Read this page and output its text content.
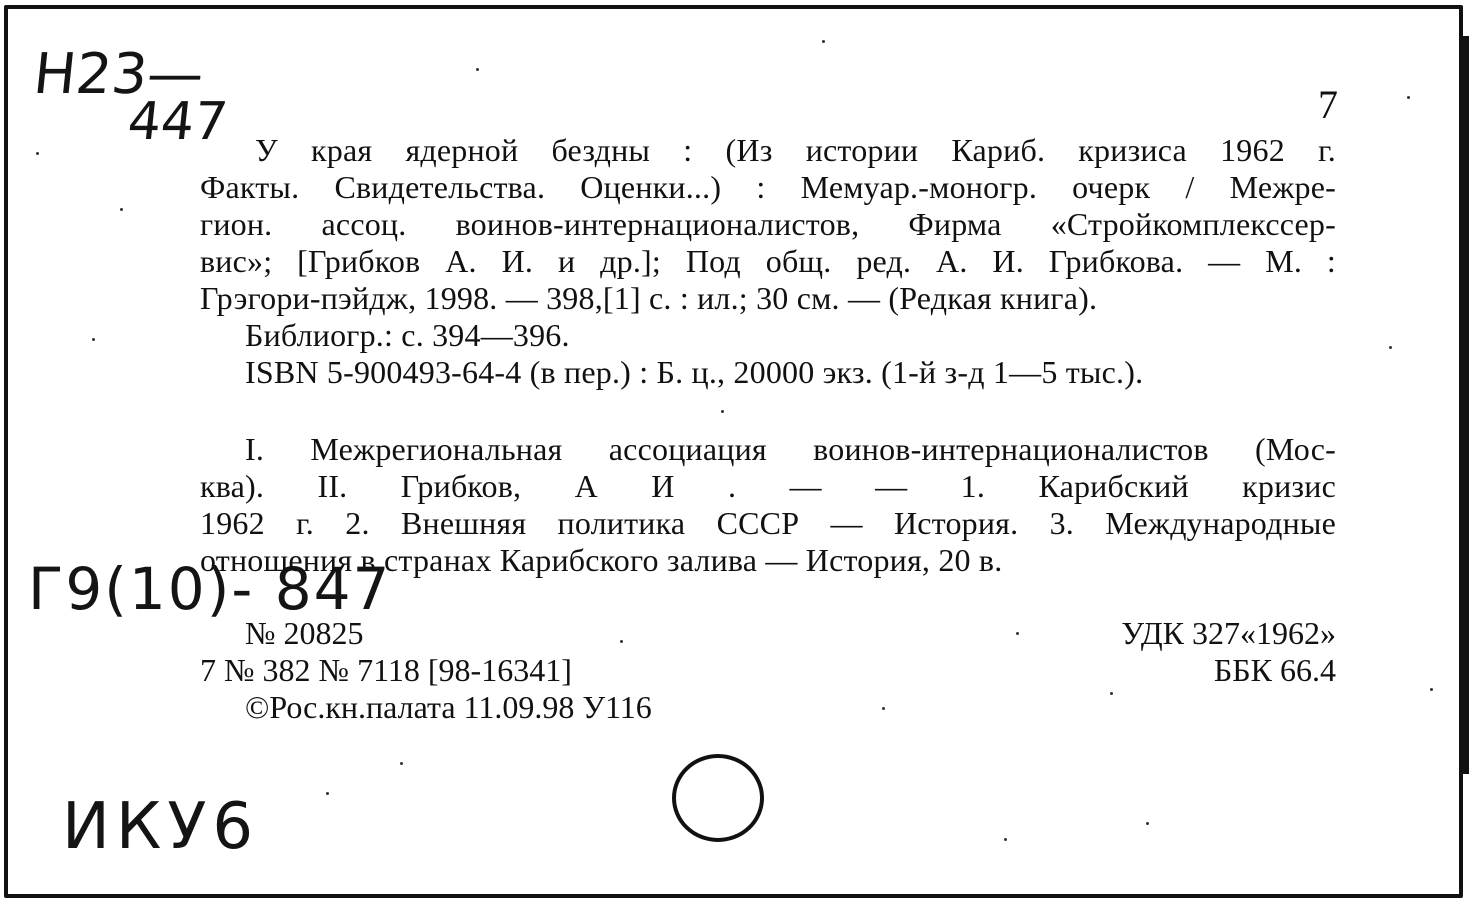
Н23—
447
Г9(10)- 847
ИКУ6
7
У края ядерной бездны : (Из истории Кариб. кризиса 1962 г.
Факты. Свидетельства. Оценки...) : Мемуар.-моногр. очерк / Межре-
гион. ассоц. воинов-интернационалистов, Фирма «Стройкомплекссер-
вис»; [Грибков А. И. и др.]; Под общ. ред. А. И. Грибкова. — М. :
Грэгори-пэйдж, 1998. — 398,[1] с. : ил.; 30 см. — (Редкая книга).
Библиогр.: с. 394—396.
ISBN 5-900493-64-4 (в пер.) : Б. ц., 20000 экз. (1-й з-д 1—5 тыс.).
I. Межрегиональная ассоциация воинов-интернационалистов (Мос-
ква). II. Грибков, А И . — — 1. Карибский кризис
1962 г. 2. Внешняя политика СССР — История. 3. Международные
отношения в странах Карибского залива — История, 20 в.
№ 20825
7 № 382 № 7118 [98-16341]
©Рос.кн.палата 11.09.98 У116
УДК 327«1962»
ББК 66.4
